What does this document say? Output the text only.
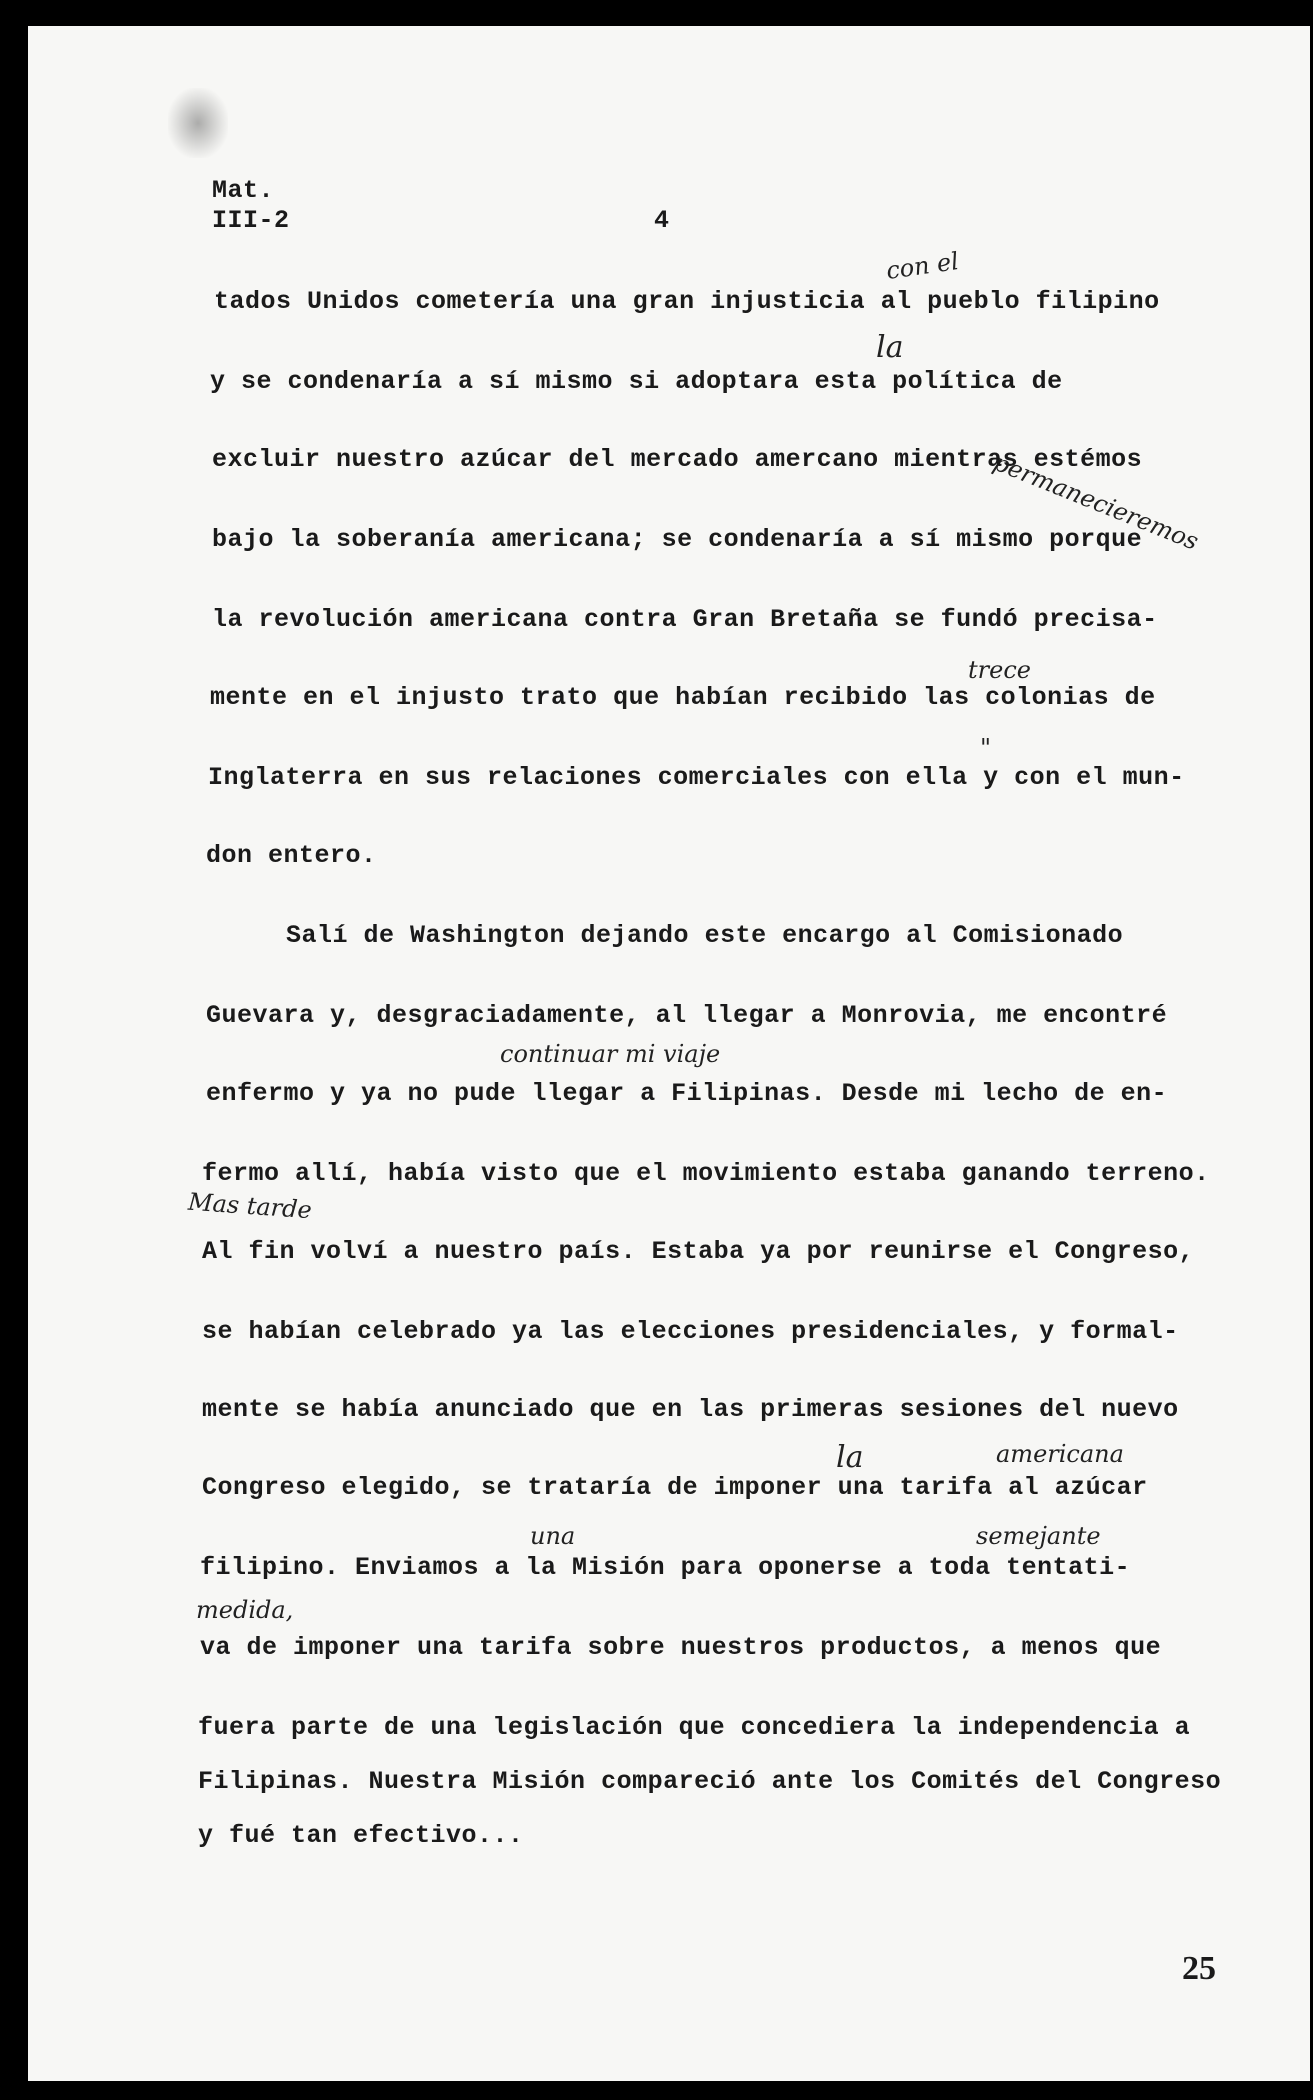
Mat.
III-2	4
con el
tados Unidos cometería una gran injusticia al pueblo filipino
la
y se condenaría a sí mismo si adoptara esta política de
permanecieremos
excluir nuestro azúcar del mercado amercano mientras estémos
bajo la soberanía americana; se condenaría a sí mismo porque
la revolución americana contra Gran Bretaña se fundó precisa-
trece
mente en el injusto trato que habían recibido las colonias de
"
Inglaterra en sus relaciones comerciales con ella y con el mun-
don entero.
Salí de Washington dejando este encargo al Comisionado
Guevara y, desgraciadamente, al llegar a Monrovia, me encontré
continuar mi viaje
enfermo y ya no pude llegar a Filipinas. Desde mi lecho de en-
fermo allí, había visto que el movimiento estaba ganando terreno.
Mas tarde
Al fin volví a nuestro país. Estaba ya por reunirse el Congreso,
se habían celebrado ya las elecciones presidenciales, y formal-
mente se había anunciado que en las primeras sesiones del nuevo
la	americana
Congreso elegido, se trataría de imponer una tarifa al azúcar
una	semejante
filipino. Enviamos a la Misión para oponerse a toda tentati-
medida,
va de imponer una tarifa sobre nuestros productos, a menos que
fuera parte de una legislación que concediera la independencia a
Filipinas. Nuestra Misión compareció ante los Comités del Congreso
y fué tan efectivo...
25
